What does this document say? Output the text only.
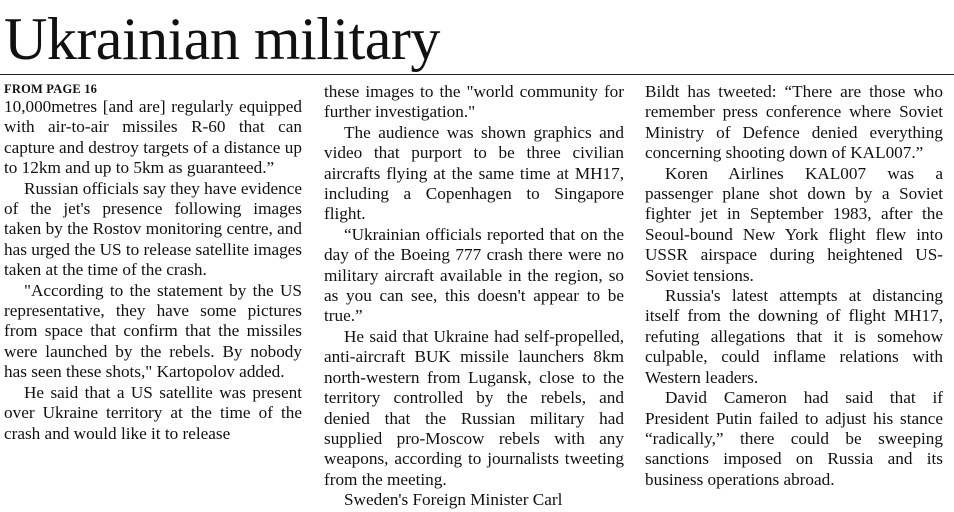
Ukrainian military
FROM PAGE 16

10,000metres [and are] regularly equipped with air-to-air missiles R-60 that can capture and destroy targets of a distance up to 12km and up to 5km as guaranteed.”

Russian officials say they have evidence of the jet's presence following images taken by the Rostov monitoring centre, and has urged the US to release satellite images taken at the time of the crash.

"According to the statement by the US representative, they have some pictures from space that confirm that the missiles were launched by the rebels. By nobody has seen these shots," Kartopolov added.

He said that a US satellite was present over Ukraine territory at the time of the crash and would like it to release

these images to the "world community for further investigation."

The audience was shown graphics and video that purport to be three civilian aircrafts flying at the same time at MH17, including a Copenhagen to Singapore flight.

“Ukrainian officials reported that on the day of the Boeing 777 crash there were no military aircraft available in the region, so as you can see, this doesn't appear to be true.”

He said that Ukraine had self-propelled, anti-aircraft BUK missile launchers 8km north-western from Lugansk, close to the territory controlled by the rebels, and denied that the Russian military had supplied pro-Moscow rebels with any weapons, according to journalists tweeting from the meeting.

Sweden's Foreign Minister Carl

Bildt has tweeted: “There are those who remember press conference where Soviet Ministry of Defence denied everything concerning shooting down of KAL007.”

Koren Airlines KAL007 was a passenger plane shot down by a Soviet fighter jet in September 1983, after the Seoul-bound New York flight flew into USSR airspace during heightened US-Soviet tensions.

Russia's latest attempts at distancing itself from the downing of flight MH17, refuting allegations that it is somehow culpable, could inflame relations with Western leaders.

David Cameron had said that if President Putin failed to adjust his stance “radically,” there could be sweeping sanctions imposed on Russia and its business operations abroad.
